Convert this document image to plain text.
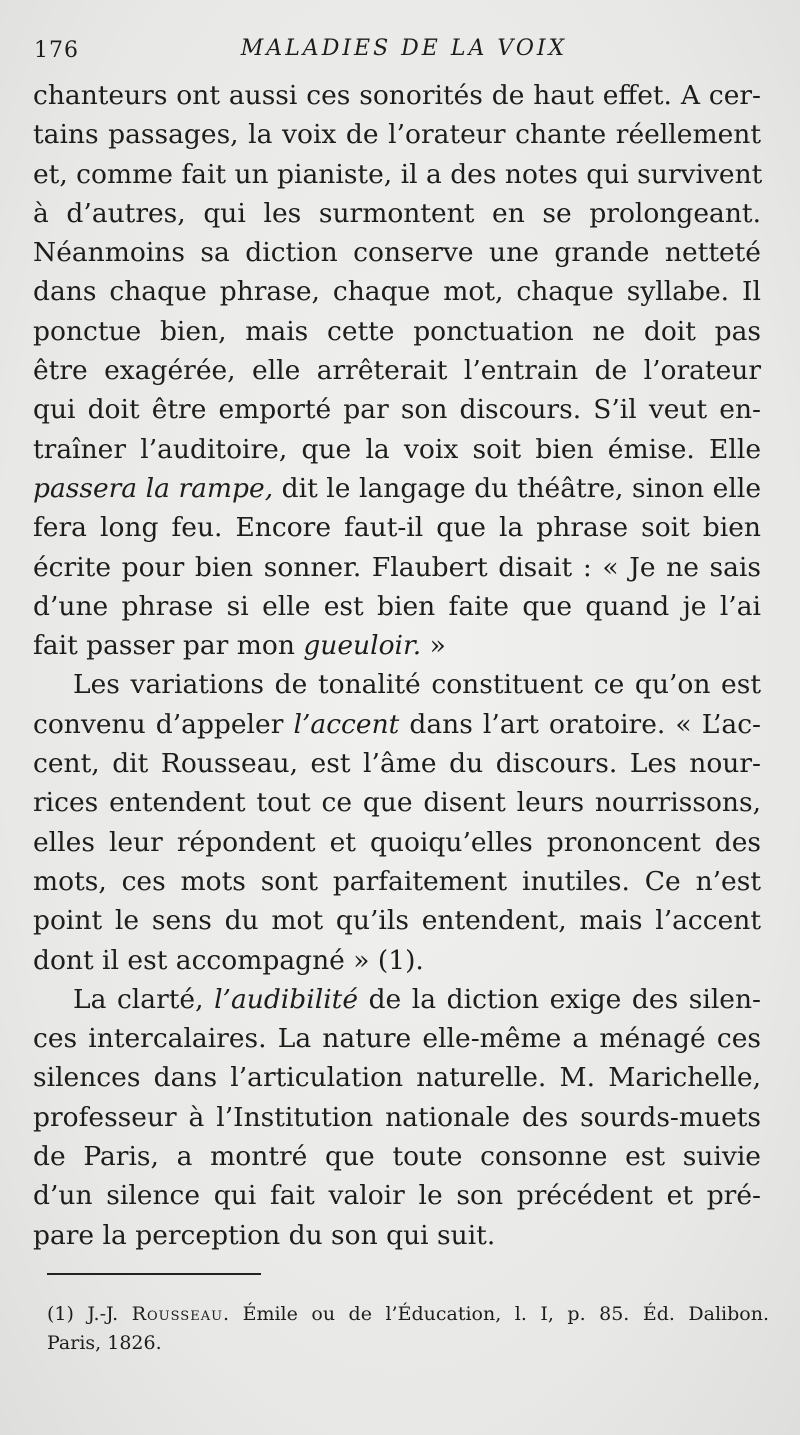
176	MALADIES DE LA VOIX
chanteurs ont aussi ces sonorités de haut effet. A cer-
tains passages, la voix de l’orateur chante réellement
et, comme fait un pianiste, il a des notes qui survivent
à d’autres, qui les surmontent en se prolongeant.
Néanmoins sa diction conserve une grande netteté
dans chaque phrase, chaque mot, chaque syllabe. Il
ponctue bien, mais cette ponctuation ne doit pas
être exagérée, elle arrêterait l’entrain de l’orateur
qui doit être emporté par son discours. S’il veut en-
traîner l’auditoire, que la voix soit bien émise. Elle
passera la rampe, dit le langage du théâtre, sinon elle
fera long feu. Encore faut-il que la phrase soit bien
écrite pour bien sonner. Flaubert disait : « Je ne sais
d’une phrase si elle est bien faite que quand je l’ai
fait passer par mon gueuloir. »
Les variations de tonalité constituent ce qu’on est
convenu d’appeler l’accent dans l’art oratoire. « L’ac-
cent, dit Rousseau, est l’âme du discours. Les nour-
rices entendent tout ce que disent leurs nourrissons,
elles leur répondent et quoiqu’elles prononcent des
mots, ces mots sont parfaitement inutiles. Ce n’est
point le sens du mot qu’ils entendent, mais l’accent
dont il est accompagné » (1).
La clarté, l’audibilité de la diction exige des silen-
ces intercalaires. La nature elle-même a ménagé ces
silences dans l’articulation naturelle. M. Marichelle,
professeur à l’Institution nationale des sourds-muets
de Paris, a montré que toute consonne est suivie
d’un silence qui fait valoir le son précédent et pré-
pare la perception du son qui suit.
(1) J.-J. Rousseau. Émile ou de l’Éducation, l. I, p. 85. Éd. Dalibon.
Paris, 1826.
